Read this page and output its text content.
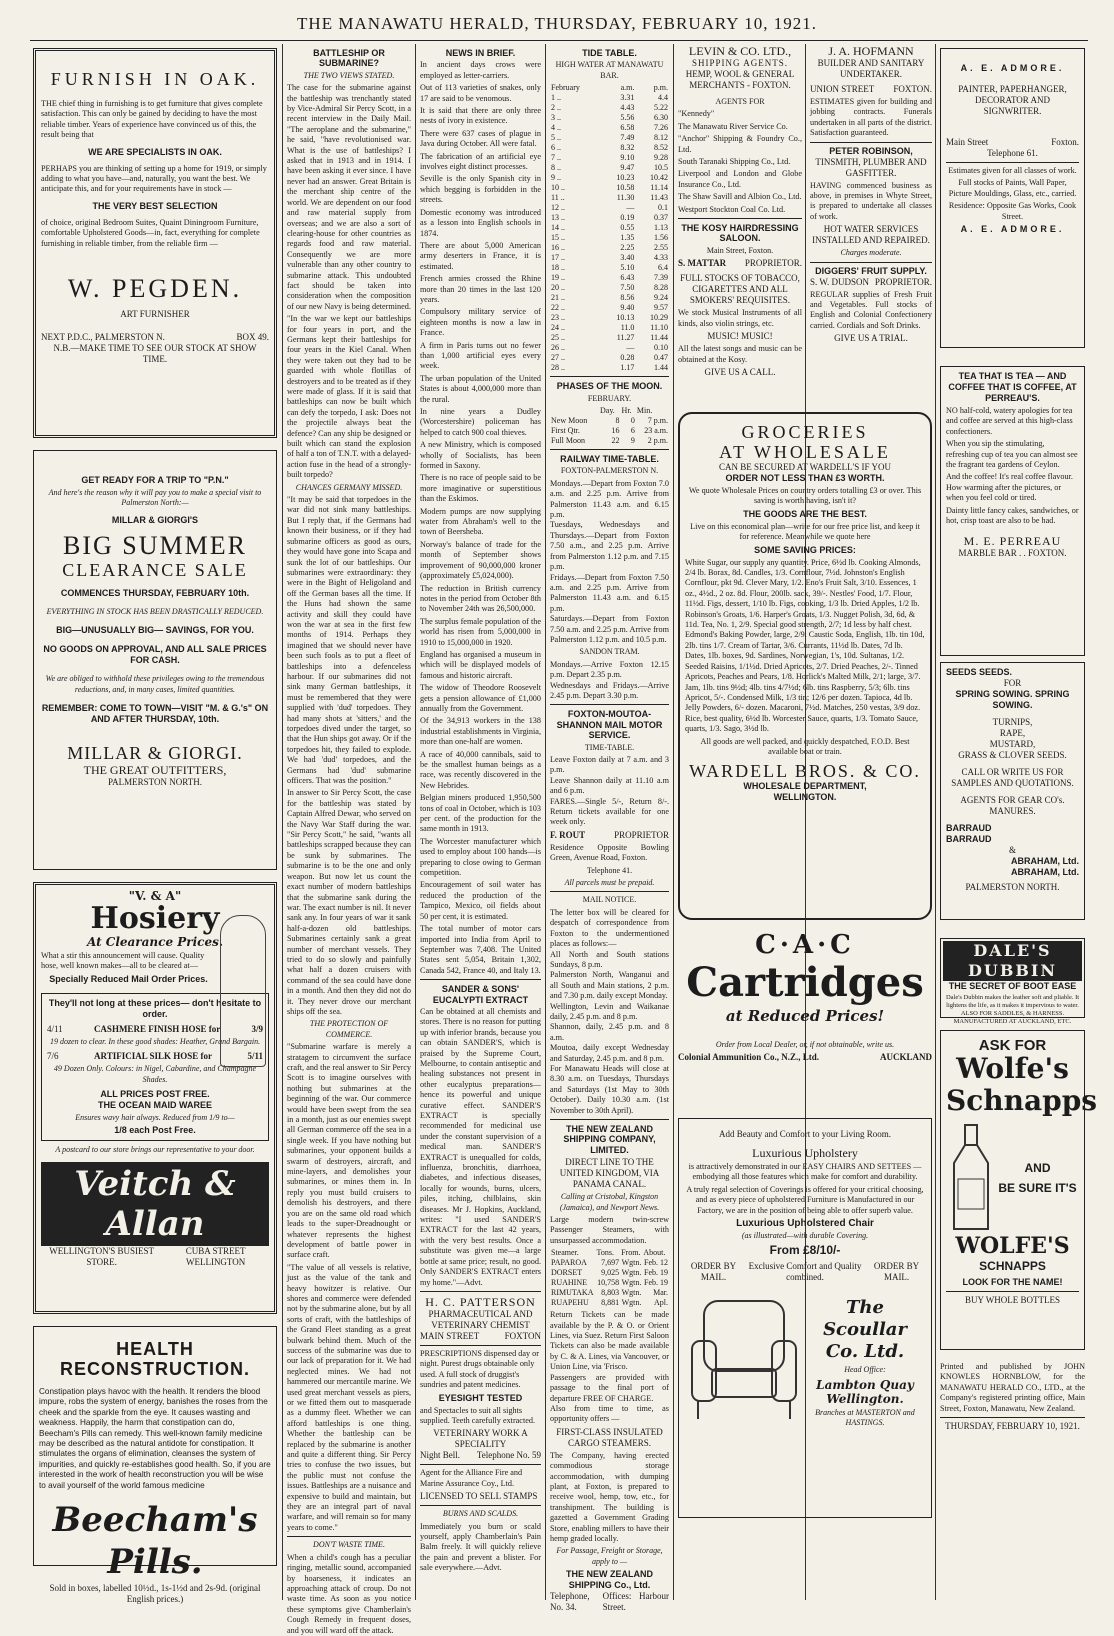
THE MANAWATU HERALD, THURSDAY, FEBRUARY 10, 1921.
FURNISH IN OAK.
THE chief thing in furnishing is to get furniture that gives complete satisfaction. This can only be gained by deciding to have the most reliable timber. Years of experience have convinced us of this, the result being that
WE ARE SPECIALISTS IN OAK.
PERHAPS you are thinking of setting up a home for 1919, or simply adding to what you have—and, naturally, you want the best. We anticipate this, and for your requirements have in stock —
THE VERY BEST SELECTION
of choice, original Bedroom Suites, Quaint Diningroom Furniture, comfortable Upholstered Goods—in, fact, everything for complete furnishing in reliable timber, from the reliable firm —
W. PEGDEN.
ART FURNISHER
NEXT P.D.C., PALMERSTON N.	BOX 49.
N.B.—MAKE TIME TO SEE OUR STOCK AT SHOW TIME.
GET READY FOR A TRIP TO "P.N."
And here's the reason why it will pay you to make a special visit to Palmerston North:—
MILLAR & GIORGI'S
BIG SUMMER
CLEARANCE SALE
COMMENCES THURSDAY, FEBRUARY 10th.
EVERYTHING IN STOCK HAS BEEN DRASTICALLY REDUCED.
BIG—UNUSUALLY BIG— SAVINGS, FOR YOU.
NO GOODS ON APPROVAL, AND ALL SALE PRICES FOR CASH.
We are obliged to withhold these privileges owing to the tremendous reductions, and, in many cases, limited quantities.
REMEMBER: COME TO TOWN—VISIT "M. & G.'s" ON AND AFTER THURSDAY, 10th.
MILLAR & GIORGI.
THE GREAT OUTFITTERS,
PALMERSTON NORTH.
"V. & A"
Hosiery
At Clearance Prices.
What a stir this announcement will cause. Quality hose, well known makes—all to be cleared at—
Specially Reduced Mail Order Prices.
They'll not long at these prices— don't hesitate to order.
4/11	CASHMERE FINISH HOSE for	3/9
19 dozen to clear. In these good shades: Heather, Grand Bargain.
7/6	ARTIFICIAL SILK HOSE for	5/11
49 Dozen Only. Colours: in Nigel, Cabardine, and Champagne Shades.
ALL PRICES POST FREE.
THE OCEAN MAID WAREE
Ensures wavy hair always. Reduced from 1/9 to—
1/8 each Post Free.
A postcard to our store brings our representative to your door.
Veitch & Allan
WELLINGTON'S BUSIEST STORE.
CUBA STREET WELLINGTON
HEALTH RECONSTRUCTION.
Constipation plays havoc with the health. It renders the blood impure, robs the system of energy, banishes the roses from the cheek and the sparkle from the eye. It causes wasting and weakness. Happily, the harm that constipation can do, Beecham's Pills can remedy. This well-known family medicine may be described as the natural antidote for constipation. It stimulates the organs of elimination, cleanses the system of impurities, and quickly re-establishes good health. So, if you are interested in the work of health reconstruction you will be wise to avail yourself of the world famous medicine
Beecham's Pills.
Sold in boxes, labelled 10½d., 1s-1½d and 2s-9d. (original English prices.)
BATTLESHIP OR SUBMARINE?
THE TWO VIEWS STATED.

The case for the submarine against the battleship was trenchantly stated by Vice-Admiral Sir Percy Scott, in a recent interview in the Daily Mail. "The aeroplane and the submarine," he said, "have revolutionised war. What is the use of battleships? I asked that in 1913 and in 1914. I have been asking it ever since. I have never had an answer. Great Britain is the merchant ship centre of the world. We are dependent on our food and raw material supply from overseas; and we are also a sort of clearing-house for other countries as regards food and raw material. Consequently we are more vulnerable than any other country to submarine attack. This undoubted fact should be taken into consideration when the composition of our new Navy is being determined.

"In the war we kept our battleships for four years in port, and the Germans kept their battleships for four years in the Kiel Canal. When they were taken out they had to be guarded with whole flotillas of destroyers and to be treated as if they were made of glass. If it is said that battleships can now be built which can defy the torpedo, I ask: Does not the projectile always beat the defence? Can any ship be designed or built which can stand the explosion of half a ton of T.N.T. with a delayed-action fuse in the head of a strongly-built torpedo?

CHANCES GERMANY MISSED.

"It may be said that torpedoes in the war did not sink many battleships. But I reply that, if the Germans had known their business, or if they had submarine officers as good as ours, they would have gone into Scapa and sunk the lot of our battleships. Our submarines were extraordinary: they were in the Bight of Heligoland and off the German bases all the time. If the Huns had shown the same activity and skill they could have won the war at sea in the first few months of 1914. Perhaps they imagined that we should never have been such fools as to put a fleet of battleships into a defenceless harbour. If our submarines did not sink many German battleships, it must be remembered that they were supplied with 'dud' torpedoes. They had many shots at 'sitters,' and the torpedoes dived under the target, so that the Hun ships got away. Or if the torpedoes hit, they failed to explode. We had 'dud' torpedoes, and the Germans had 'dud' submarine officers. That was the position."

In answer to Sir Percy Scott, the case for the battleship was stated by Captain Alfred Dewar, who served on the Navy War Staff during the war. "Sir Percy Scott," he said, "wants all battleships scrapped because they can be sunk by submarines. The submarine is to be the one and only weapon. But now let us count the exact number of modern battleships that the submarine sank during the war. The exact number is nil. It never sank any. In four years of war it sank half-a-dozen old battleships. Submarines certainly sank a great number of merchant vessels. They tried to do so slowly and painfully what half a dozen cruisers with command of the sea could have done in a month. And then they did not do it. They never drove our merchant ships off the sea.

THE PROTECTION OF COMMERCE.

"Submarine warfare is merely a stratagem to circumvent the surface craft, and the real answer to Sir Percy Scott is to imagine ourselves with nothing but submarines at the beginning of the war. Our commerce would have been swept from the sea in a month, just as our enemies swept all German commerce off the sea in a single week. If you have nothing but submarines, your opponent builds a swarm of destroyers, aircraft, and mine-layers, and demolishes your submarines, or mines them in. In reply you must build cruisers to demolish his destroyers, and there you are on the same old road which leads to the super-Dreadnought or whatever represents the highest development of battle power in surface craft.

"The value of all vessels is relative, just as the value of the tank and heavy howitzer is relative. Our shores and commerce were defended not by the submarine alone, but by all sorts of craft, with the battleships of the Grand Fleet standing as a great bulwark behind them. Much of the success of the submarine was due to our lack of preparation for it. We had neglected mines. We had not hammered our mercantile marine. We used great merchant vessels as piers, or we fitted them out to masquerade as a dummy fleet. Whether we can afford battleships is one thing. Whether the battleship can be replaced by the submarine is another and quite a different thing. Sir Percy tries to confuse the two issues, but the public must not confuse the issues. Battleships are a nuisance and expensive to build and maintain, but they are an integral part of naval warfare, and will remain so for many years to come."

DON'T WASTE TIME.

When a child's cough has a peculiar ringing, metallic sound, accompanied by hoarseness, it indicates an approaching attack of croup. Do not waste time. As soon as you notice these symptoms give Chamberlain's Cough Remedy in frequent doses, and you will ward off the attack.

NEWS IN BRIEF.

In ancient days crows were employed as letter-carriers.

Out of 113 varieties of snakes, only 17 are said to be venomous.

It is said that there are only three nests of ivory in existence.

There were 637 cases of plague in Java during October. All were fatal.

The fabrication of an artificial eye involves eight distinct processes.

Seville is the only Spanish city in which begging is forbidden in the streets.

Domestic economy was introduced as a lesson into English schools in 1874.

There are about 5,000 American army deserters in France, it is estimated.

French armies crossed the Rhine more than 20 times in the last 120 years.

Compulsory military service of eighteen months is now a law in France.

A firm in Paris turns out no fewer than 1,000 artificial eyes every week.

The urban population of the United States is about 4,000,000 more than the rural.

In nine years a Dudley (Worcestershire) policeman has helped to catch 900 coal thieves.

A new Ministry, which is composed wholly of Socialists, has been formed in Saxony.

There is no race of people said to be more imaginative or superstitious than the Eskimos.

Modern pumps are now supplying water from Abraham's well to the town of Beersheba.

Norway's balance of trade for the month of September shows improvement of 90,000,000 kroner (approximately £5,024,000).

The reduction in British currency notes in the period from October 8th to November 24th was 26,500,000.

The surplus female population of the world has risen from 5,000,000 in 1910 to 15,000,000 in 1920.

England has organised a museum in which will be displayed models of famous and historic aircraft.

The widow of Theodore Roosevelt gets a pension allowance of £1,000 annually from the Government.

Of the 34,913 workers in the 138 industrial establishments in Virginia, more than one-half are women.

A race of 40,000 cannibals, said to be the smallest human beings as a race, was recently discovered in the New Hebrides.

Belgian miners produced 1,950,500 tons of coal in October, which is 103 per cent. of the production for the same month in 1913.

The Worcester manufacturer which used to employ about 100 hands—is preparing to close owing to German competition.

Encouragement of soil water has reduced the production of the Tampico, Mexico, oil fields about 50 per cent, it is estimated.

The total number of motor cars imported into India from April to September was 7,408. The United States sent 5,054, Britain 1,302, Canada 542, France 40, and Italy 13.

SANDER & SONS' EUCALYPTI EXTRACT

Can be obtained at all chemists and stores. There is no reason for putting up with inferior brands, because you can obtain SANDER'S, which is praised by the Supreme Court, Melbourne, to contain antiseptic and healing substances not present in other eucalyptus preparations—hence its powerful and unique curative effect. SANDER'S EXTRACT is specially recommended for medicinal use under the constant supervision of a medical man. SANDER'S EXTRACT is unequalled for colds, influenza, bronchitis, diarrhoea, diabetes, and infectious diseases, locally for wounds, burns, ulcers, piles, itching, chilblains, skin diseases. Mr J. Hopkins, Auckland, writes: "I used SANDER'S EXTRACT for the last 42 years, with the very best results. Once a substitute was given me—a large bottle at same price; result, no good. Only SANDER'S EXTRACT enters my home."—Advt.

H. C. PATTERSON
PHARMACEUTICAL AND VETERINARY CHEMIST
MAIN STREET	FOXTON

PRESCRIPTIONS dispensed day or night. Purest drugs obtainable only used. A full stock of druggist's sundries and patent medicines.

EYESIGHT TESTED

and Spectacles to suit all sights supplied. Teeth carefully extracted.

VETERINARY WORK A SPECIALITY
Night Bell. Telephone No. 59

Agent for the Alliance Fire and Marine Assurance Coy., Ltd.

LICENSED TO SELL STAMPS
BURNS AND SCALDS.

Immediately you burn or scald yourself, apply Chamberlain's Pain Balm freely. It will quickly relieve the pain and prevent a blister. For sale everywhere.—Advt.

TIDE TABLE.
HIGH WATER AT MANAWATU BAR.
February	a.m.	p.m.
1 ..	3.31	4.4
2 ..	4.43	5.22
3 ..	5.56	6.30
4 ..	6.58	7.26
5 ..	7.49	8.12
6 ..	8.32	8.52
7 ..	9.10	9.28
8 ..	9.47	10.5
9 ..	10.23	10.42
10 ..	10.58	11.14
11 ..	11.30	11.43
12 ..	—	0.1
13 ..	0.19	0.37
14 ..	0.55	1.13
15 ..	1.35	1.56
16 ..	2.25	2.55
17 ..	3.40	4.33
18 ..	5.10	6.4
19 ..	6.43	7.39
20 ..	7.50	8.28
21 ..	8.56	9.24
22 ..	9.40	9.57
23 ..	10.13	10.29
24 ..	11.0	11.10
25 ..	11.27	11.44
26 ..	—	0.10
27 ..	0.28	0.47
28 ..	1.17	1.44
PHASES OF THE MOON.
FEBRUARY.
	Day.	Hr.	Min.
New Moon	8	0	7 p.m.
First Qtr.	16	6	23 a.m.
Full Moon	22	9	2 p.m.
RAILWAY TIME-TABLE.
FOXTON-PALMERSTON N.

Mondays.—Depart from Foxton 7.0 a.m. and 2.25 p.m. Arrive from Palmerston 11.43 a.m. and 6.15 p.m.
Tuesdays, Wednesdays and Thursdays.—Depart from Foxton 7.50 a.m., and 2.25 p.m. Arrive from Palmerston 1.12 p.m. and 7.15 p.m.
Fridays.—Depart from Foxton 7.50 a.m. and 2.25 p.m. Arrive from Palmerston 11.43 a.m. and 6.15 p.m.
Saturdays.—Depart from Foxton 7.50 a.m. and 2.25 p.m. Arrive from Palmerston 1.12 p.m. and 10.5 p.m.

SANDON TRAM.

Mondays.—Arrive Foxton 12.15 p.m. Depart 2.35 p.m.
Wednesdays and Fridays.—Arrive 2.45 p.m. Depart 3.30 p.m.

FOXTON-MOUTOA-SHANNON MAIL MOTOR SERVICE.
TIME-TABLE.

Leave Foxton daily at 7 a.m. and 3 p.m.
Leave Shannon daily at 11.10 a.m and 6 p.m.
FARES.—Single 5/-, Return 8/-. Return tickets available for one week only.

F. ROUT	PROPRIETOR

Residence Opposite Bowling Green, Avenue Road, Foxton.

Telephone 41.
All parcels must be prepaid.
MAIL NOTICE.

The letter box will be cleared for despatch of correspondence from Foxton to the undermentioned places as follows:—
All North and South stations Sundays, 8 p.m.
Palmerston North, Wanganui and all South and Main stations, 2 p.m. and 7.30 p.m. daily except Monday.
Wellington, Levin and Waikanae daily, 2.45 p.m. and 8 p.m.
Shannon, daily, 2.45 p.m. and 8 a.m.
Moutoa, daily except Wednesday and Saturday, 2.45 p.m. and 8 p.m.
For Manawatu Heads will close at 8.30 a.m. on Tuesdays, Thursdays and Saturdays (1st May to 30th October). Daily 10.30 a.m. (1st November to 30th April).

THE NEW ZEALAND SHIPPING COMPANY, LIMITED.
DIRECT LINE TO THE UNITED KINGDOM, VIA PANAMA CANAL.
Calling at Cristobal, Kingston (Jamaica), and Newport News.

Large modern twin-screw Passenger Steamers, with unsurpassed accommodation.

Steamer.	Tons.	From.	About.
PAPAROA	7,697	Wgtn.	Feb. 12
DORSET	9,025	Wgtn.	Feb. 19
RUAHINE	10,758	Wgtn.	Feb. 19
RIMUTAKA	8,803	Wgtn.	Mar.
RUAPEHU	8,881	Wgtn.	Apl.

Return Tickets can be made available by the P. & O. or Orient Lines, via Suez. Return First Saloon Tickets can also be made available by C. & A. Lines, via Vancouver, or Union Line, via 'Frisco.
Passengers are provided with passage to the final port of departure FREE OF CHARGE.
Also from time to time, as opportunity offers —

FIRST-CLASS INSULATED CARGO STEAMERS.

The Company, having erected commodious storage accommodation, with dumping plant, at Foxton, is prepared to receive wool, hemp, tow, etc., for transhipment. The building is gazetted a Government Grading Store, enabling millers to have their hemp graded locally.

For Passage, Freight or Storage, apply to —
THE NEW ZEALAND SHIPPING Co., Ltd.
Telephone, No. 34.
Offices: Harbour Street.
LEVIN & CO. LTD.,
SHIPPING AGENTS.
HEMP, WOOL & GENERAL MERCHANTS - FOXTON.
AGENTS FOR
"Kennedy"
The Manawatu River Service Co.
"Anchor" Shipping & Foundry Co., Ltd.
South Taranaki Shipping Co., Ltd.
Liverpool and London and Globe Insurance Co., Ltd.
The Shaw Savill and Albion Co., Ltd.
Westport Stockton Coal Co. Ltd.
THE KOSY HAIRDRESSING SALOON.
Main Street, Foxton.
S. MATTAR PROPRIETOR.
FULL STOCKS OF TOBACCO, CIGARETTES AND ALL SMOKERS' REQUISITES.

We stock Musical Instruments of all kinds, also violin strings, etc.

MUSIC! MUSIC!

All the latest songs and music can be obtained at the Kosy.

GIVE US A CALL.
J. A. HOFMANN
BUILDER AND SANITARY UNDERTAKER.
UNION STREET FOXTON.

ESTIMATES given for building and jobbing contracts. Funerals undertaken in all parts of the district. Satisfaction guaranteed.

PETER ROBINSON,
TINSMITH, PLUMBER AND GASFITTER.

HAVING commenced business as above, in premises in Whyte Street, is prepared to undertake all classes of work.

HOT WATER SERVICES INSTALLED AND REPAIRED.
Charges moderate.
DIGGERS' FRUIT SUPPLY.
S. W. DUDSON PROPRIETOR.

REGULAR supplies of Fresh Fruit and Vegetables. Full stocks of English and Colonial Confectionery carried. Cordials and Soft Drinks.

GIVE US A TRIAL.
GROCERIES
AT WHOLESALE
CAN BE SECURED AT WARDELL'S IF YOU
ORDER NOT LESS THAN £3 WORTH.

We quote Wholesale Prices on country orders totalling £3 or over. This saving is worth having, isn't it?

THE GOODS ARE THE BEST.

Live on this economical plan—write for our free price list, and keep it for reference. Meanwhile we quote here

SOME SAVING PRICES:

White Sugar, our supply any quantity. Price, 6½d lb. Cooking Almonds, 2/4 lb. Borax, 8d. Candles, 1/3. Cornflour, 7½d. Johnston's English Cornflour, pkt 9d. Clever Mary, 1/2. Eno's Fruit Salt, 3/10. Essences, 1 oz., 4½d., 2 oz. 8d. Flour, 200lb. sack, 39/-. Nestles' Food, 1/7. Flour, 11½d. Figs, dessert, 1/10 lb. Figs, cooking, 1/3 lb. Dried Apples, 1/2 lb. Robinson's Groats, 1/6. Harper's Groats, 1/3. Nugget Polish, 3d, 6d, & 11d. Tea, No. 1, 2/9. Special good strength, 2/7; 1d less by half chest. Edmond's Baking Powder, large, 2/9. Caustic Soda, English, 1lb. tin 10d, 2lb. tins 1/7. Cream of Tartar, 3/6. Currants, 11½d lb. Dates, 7d lb. Dates, 1lb. boxes, 9d. Sardines, Norwegian, 1's, 10d. Sultanas, 1/2. Seeded Raisins, 1/1½d. Dried Apricots, 2/7. Dried Peaches, 2/-. Tinned Apricots, Peaches and Pears, 1/8. Horlick's Malted Milk, 2/1; large, 3/7. Jam, 1lb. tins 9½d; 4lb. tins 4/7½d; 6lb. tins Raspberry, 5/3; 6lb. tins Apricot, 5/-. Condensed Milk, 1/3 tin; 12/6 per dozen. Tapioca, 4d lb. Jelly Powders, 6/- dozen. Macaroni, 7½d. Matches, 250 vestas, 3/9 doz. Rice, best quality, 6½d lb. Worcester Sauce, quarts, 1/3. Tomato Sauce, quarts, 1/3. Sago, 3½d lb.

All goods are well packed, and quickly despatched, F.O.D. Best available boat or train.

WARDELL BROS. & CO.
WHOLESALE DEPARTMENT,
WELLINGTON.
C·A·C
Cartridges
at Reduced Prices!
Order from Local Dealer, or, if not obtainable, write us.
Colonial Ammunition Co., N.Z., Ltd.	AUCKLAND
Add Beauty and Comfort to your Living Room.
Luxurious Upholstery

is attractively demonstrated in our EASY CHAIRS AND SETTEES — embodying all those features which make for comfort and durability.

A truly regal selection of Coverings is offered for your critical choosing, and as every piece of upholstered Furniture is Manufactured in our Factory, we are in the position of being able to offer superb value.

Luxurious Upholstered Chair
(as illustrated—with durable Covering.
From £8/10/-
ORDER BY MAIL.
Exclusive Comfort and Quality combined.
ORDER BY MAIL.
The Scoullar Co. Ltd.
Head Office:
Lambton Quay
Wellington.
Branches at MASTERTON and HASTINGS.
A. E. ADMORE.
PAINTER, PAPERHANGER, DECORATOR AND SIGNWRITER.
Main Street	Foxton.
Telephone 61.

Estimates given for all classes of work.

Full stocks of Paints, Wall Paper, Picture Mouldings, Glass, etc., carried.

Residence: Opposite Gas Works, Cook Street.

A. E. ADMORE.
TEA THAT IS TEA — AND COFFEE THAT IS COFFEE, AT PERREAU'S.

NO half-cold, watery apologies for tea and coffee are served at this high-class confectioners.

When you sip the stimulating, refreshing cup of tea you can almost see the fragrant tea gardens of Ceylon.

And the coffee! It's real coffee flavour. How warming after the pictures, or when you feel cold or tired.

Dainty little fancy cakes, sandwiches, or hot, crisp toast are also to be had.

M. E. PERREAU
MARBLE BAR . . FOXTON.
SEEDS SEEDS.
FOR
SPRING SOWING. SPRING SOWING.
TURNIPS,
RAPE,
MUSTARD,
GRASS & CLOVER SEEDS.
CALL OR WRITE US FOR SAMPLES AND QUOTATIONS.
AGENTS FOR GEAR CO's. MANURES.
BARRAUD
BARRAUD
&
ABRAHAM, Ltd.
ABRAHAM, Ltd.
PALMERSTON NORTH.
DALE'S DUBBIN
THE SECRET OF BOOT EASE
Dale's Dubbin makes the leather soft and pliable. It lightens the life, as it makes it impervious to water. ALSO FOR SADDLES, & HARNESS. MANUFACTURED AT AUCKLAND, ETC.
ASK FOR
Wolfe's
Schnapps
AND
BE SURE IT'S
WOLFE'S
SCHNAPPS
LOOK FOR THE NAME!
BUY WHOLE BOTTLES
Printed and published by JOHN KNOWLES HORNBLOW, for the MANAWATU HERALD CO., LTD., at the Company's registered printing office, Main Street, Foxton, Manawatu, New Zealand.
THURSDAY, FEBRUARY 10, 1921.
